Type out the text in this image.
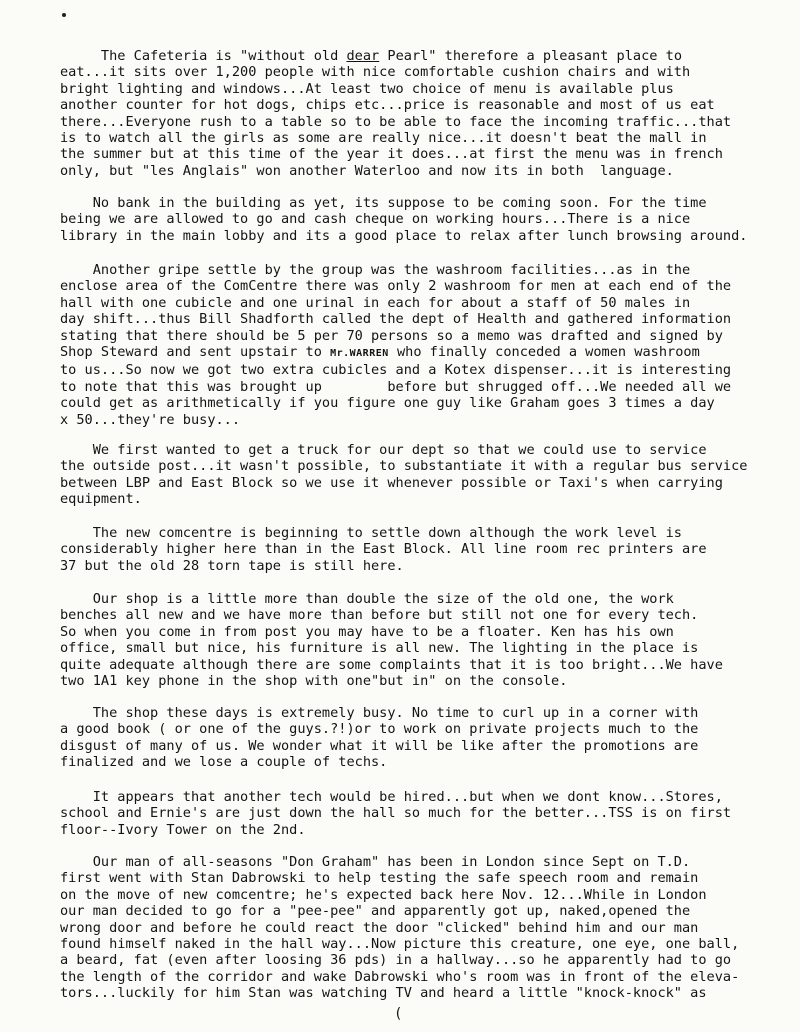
The Cafeteria is "without old dear Pearl" therefore a pleasant place to
eat...it sits over 1,200 people with nice comfortable cushion chairs and with
bright lighting and windows...At least two choice of menu is available plus
another counter for hot dogs, chips etc...price is reasonable and most of us eat
there...Everyone rush to a table so to be able to face the incoming traffic...that
is to watch all the girls as some are really nice...it doesn't beat the mall in
the summer but at this time of the year it does...at first the menu was in french
only, but "les Anglais" won another Waterloo and now its in both  language.

No bank in the building as yet, its suppose to be coming soon. For the time
being we are allowed to go and cash cheque on working hours...There is a nice
library in the main lobby and its a good place to relax after lunch browsing around.

Another gripe settle by the group was the washroom facilities...as in the
enclose area of the ComCentre there was only 2 washroom for men at each end of the
hall with one cubicle and one urinal in each for about a staff of 50 males in
day shift...thus Bill Shadforth called the dept of Health and gathered information
stating that there should be 5 per 70 persons so a memo was drafted and signed by
Shop Steward and sent upstair to Mr.WARREN who finally conceded a women washroom
to us...So now we got two extra cubicles and a Kotex dispenser...it is interesting
to note that this was brought up        before but shrugged off...We needed all we
could get as arithmetically if you figure one guy like Graham goes 3 times a day
x 50...they're busy...

We first wanted to get a truck for our dept so that we could use to service
the outside post...it wasn't possible, to substantiate it with a regular bus service
between LBP and East Block so we use it whenever possible or Taxi's when carrying
equipment.

The new comcentre is beginning to settle down although the work level is
considerably higher here than in the East Block. All line room rec printers are
37 but the old 28 torn tape is still here.

Our shop is a little more than double the size of the old one, the work
benches all new and we have more than before but still not one for every tech.
So when you come in from post you may have to be a floater. Ken has his own
office, small but nice, his furniture is all new. The lighting in the place is
quite adequate although there are some complaints that it is too bright...We have
two 1A1 key phone in the shop with one"but in" on the console.

The shop these days is extremely busy. No time to curl up in a corner with
a good book ( or one of the guys.?!)or to work on private projects much to the
disgust of many of us. We wonder what it will be like after the promotions are
finalized and we lose a couple of techs.

It appears that another tech would be hired...but when we dont know...Stores,
school and Ernie's are just down the hall so much for the better...TSS is on first
floor--Ivory Tower on the 2nd.

Our man of all-seasons "Don Graham" has been in London since Sept on T.D.
first went with Stan Dabrowski to help testing the safe speech room and remain
on the move of new comcentre; he's expected back here Nov. 12...While in London
our man decided to go for a "pee-pee" and apparently got up, naked,opened the
wrong door and before he could react the door "clicked" behind him and our man
found himself naked in the hall way...Now picture this creature, one eye, one ball,
a beard, fat (even after loosing 36 pds) in a hallway...so he apparently had to go
the length of the corridor and wake Dabrowski who's room was in front of the eleva-
tors...luckily for him Stan was watching TV and heard a little "knock-knock" as

(
